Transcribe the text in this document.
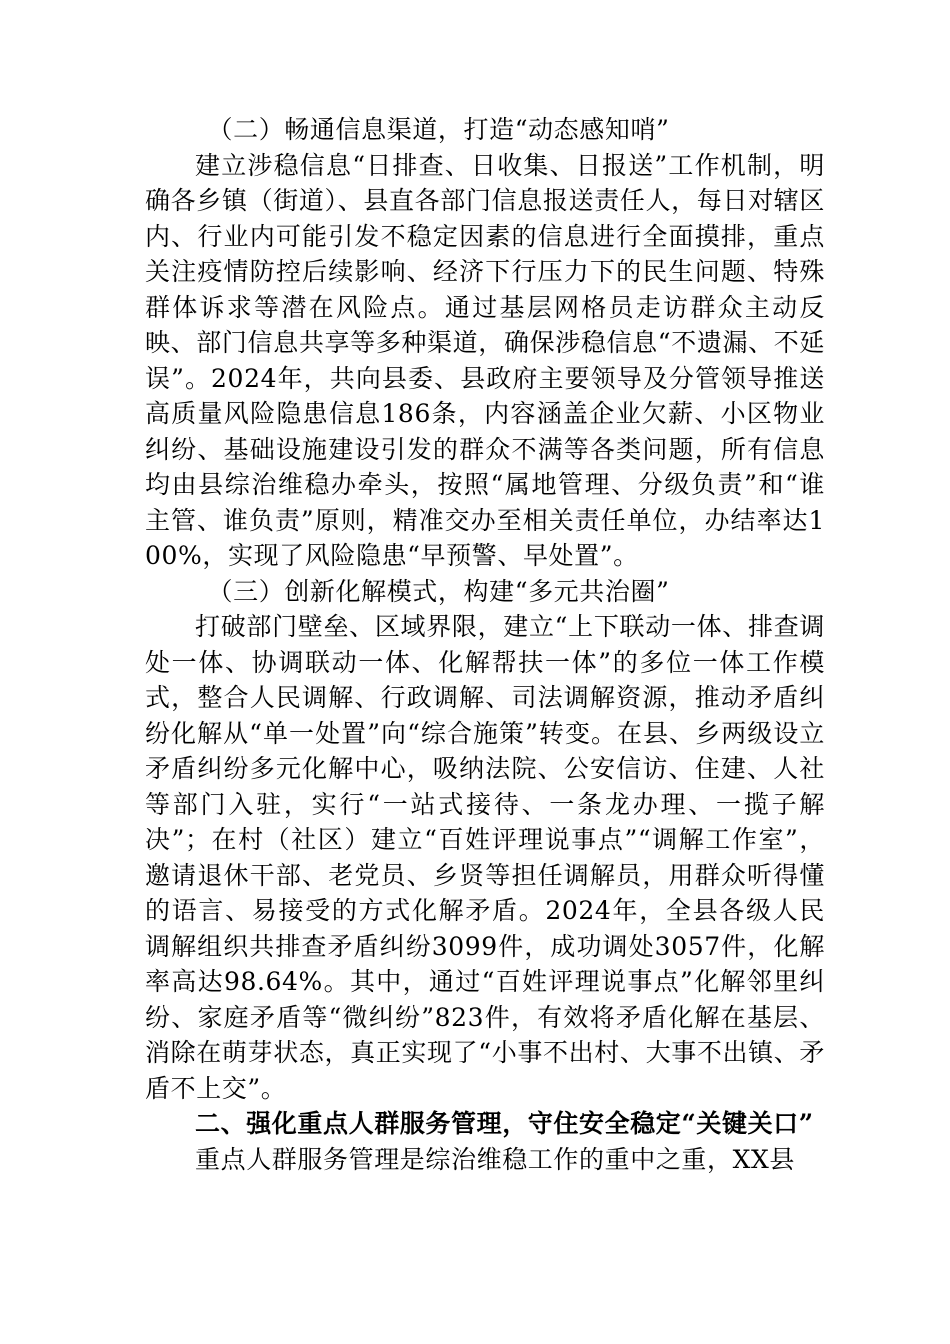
（二）畅通信息渠道，打造“动态感知哨”

建立涉稳信息“日排查、日收集、日报送”工作机制，明确各乡镇（街道）、县直各部门信息报送责任人，每日对辖区内、行业内可能引发不稳定因素的信息进行全面摸排，重点关注疫情防控后续影响、经济下行压力下的民生问题、特殊群体诉求等潜在风险点。通过基层网格员走访群众主动反映、部门信息共享等多种渠道，确保涉稳信息“不遗漏、不延误”。2024年，共向县委、县政府主要领导及分管领导推送高质量风险隐患信息186条，内容涵盖企业欠薪、小区物业纠纷、基础设施建设引发的群众不满等各类问题，所有信息均由县综治维稳办牵头，按照“属地管理、分级负责”和“谁主管、谁负责”原则，精准交办至相关责任单位，办结率达100%，实现了风险隐患“早预警、早处置”。

（三）创新化解模式，构建“多元共治圈”

打破部门壁垒、区域界限，建立“上下联动一体、排查调处一体、协调联动一体、化解帮扶一体”的多位一体工作模式，整合人民调解、行政调解、司法调解资源，推动矛盾纠纷化解从“单一处置”向“综合施策”转变。在县、乡两级设立矛盾纠纷多元化解中心，吸纳法院、公安信访、住建、人社等部门入驻，实行“一站式接待、一条龙办理、一揽子解决”；在村（社区）建立“百姓评理说事点”“调解工作室”，邀请退休干部、老党员、乡贤等担任调解员，用群众听得懂的语言、易接受的方式化解矛盾。2024年，全县各级人民调解组织共排查矛盾纠纷3099件，成功调处3057件，化解率高达98.64%。其中，通过“百姓评理说事点”化解邻里纠纷、家庭矛盾等“微纠纷”823件，有效将矛盾化解在基层、消除在萌芽状态，真正实现了“小事不出村、大事不出镇、矛盾不上交”。

二、强化重点人群服务管理，守住安全稳定“关键关口”

重点人群服务管理是综治维稳工作的重中之重，XX县
